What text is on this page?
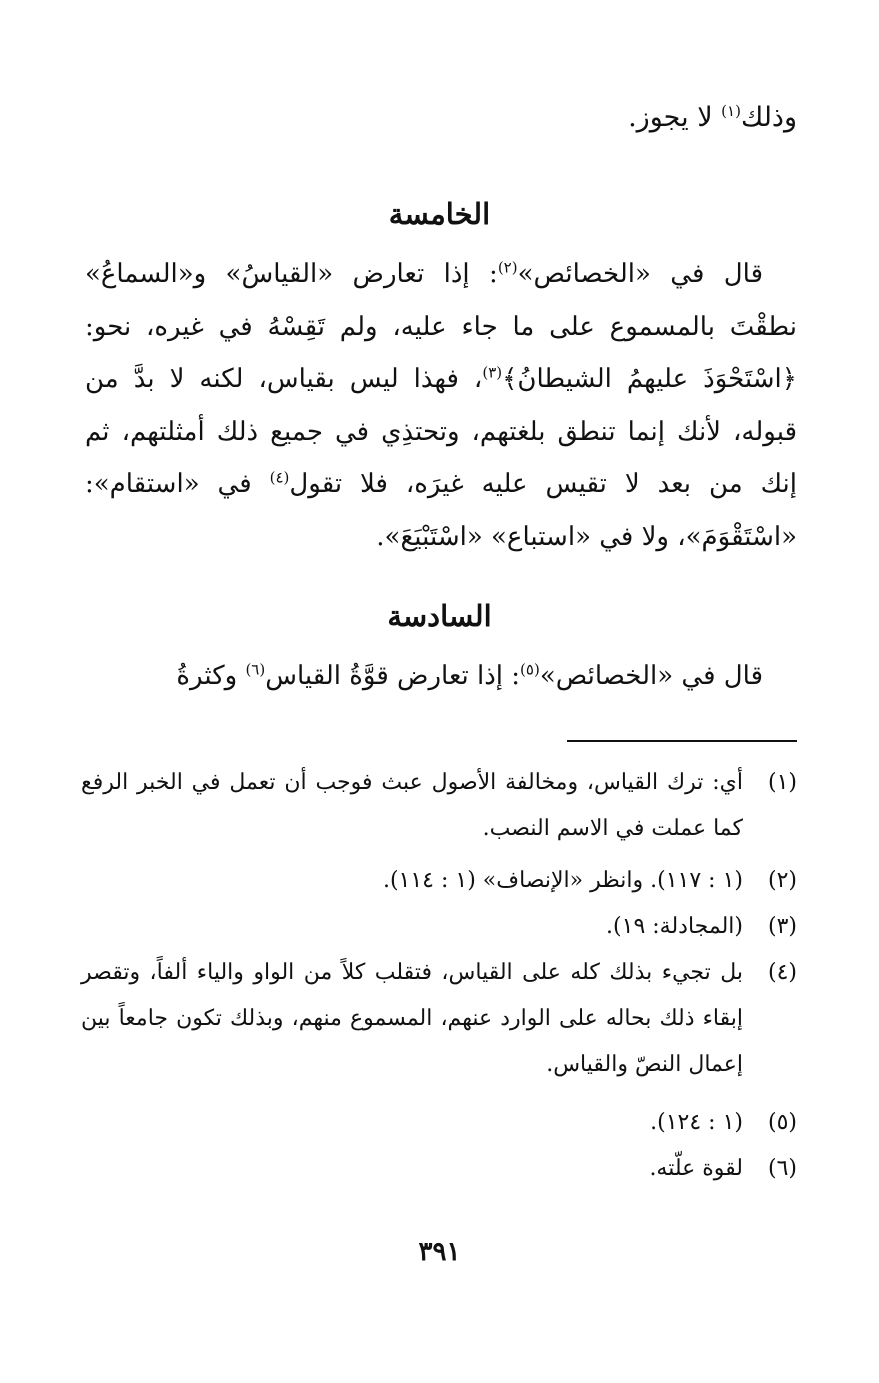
وذلك$^{(١)}$ لا يجوز.
الخامسة

قال في «الخصائص»$^{(٢)}$: إذا تعارض «القياسُ» و«السماعُ» نطقْتَ بالمسموع على ما جاء عليه، ولم تَقِسْهُ في غيره، نحو: ﴿اسْتَحْوَذَ عليهمُ الشيطانُ﴾$^{(٣)}$، فهذا ليس بقياس، لكنه لا بدَّ من قبوله، لأنك إنما تنطق بلغتهم، وتحتذِي في جميع ذلك أمثلتهم، ثم إنك من بعد لا تقيس عليه غيرَه، فلا تقول$^{(٤)}$ في «استقام»: «اسْتَقْوَمَ»، ولا في «استباع» «اسْتَبْيَعَ».

السادسة

قال في «الخصائص»$^{(٥)}$: إذا تعارض قوَّةُ القياس$^{(٦)}$ وكثرةُ

(١)
أي: ترك القياس، ومخالفة الأصول عبث فوجب أن تعمل في الخبر الرفع كما عملت في الاسم النصب.
(٢)
(١ : ١١٧). وانظر «الإنصاف» (١ : ١١٤).
(٣)
(المجادلة: ١٩).
(٤)
بل تجيء بذلك كله على القياس، فتقلب كلاً من الواو والياء ألفاً، وتقصر إبقاء ذلك بحاله على الوارد عنهم، المسموع منهم، وبذلك تكون جامعاً بين إعمال النصّ والقياس.
(٥)
(١ : ١٢٤).
(٦)
لقوة علّته.
٣٩١
